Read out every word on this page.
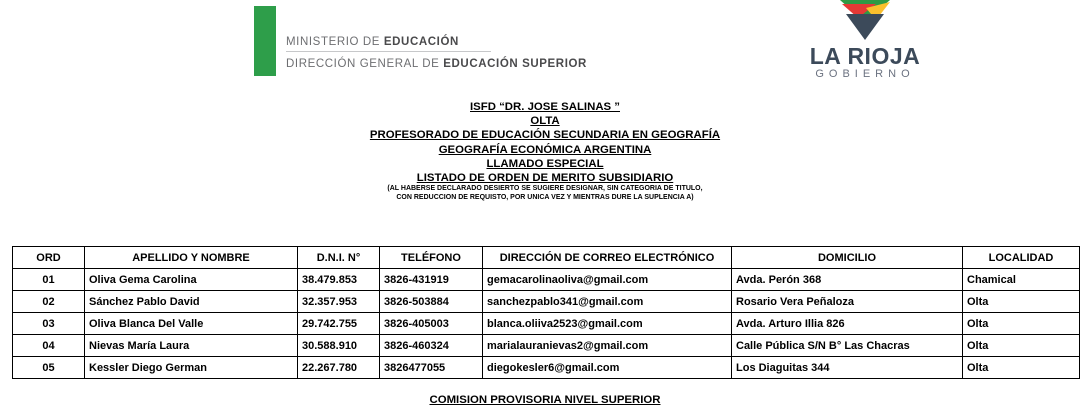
MINISTERIO DE EDUCACIÓN
DIRECCIÓN GENERAL DE EDUCACIÓN SUPERIOR	LA RIOJA
GOBIERNO
ISFD “DR. JOSE SALINAS ”
OLTA
PROFESORADO DE EDUCACIÓN SECUNDARIA EN GEOGRAFÍA
GEOGRAFÍA ECONÓMICA ARGENTINA
LLAMADO ESPECIAL
LISTADO DE ORDEN DE MERITO SUBSIDIARIO
(AL HABERSE DECLARADO DESIERTO SE SUGIERE DESIGNAR, SIN CATEGORIA DE TITULO,
CON REDUCCION DE REQUISTO, POR UNICA VEZ Y MIENTRAS DURE LA SUPLENCIA A)
ORD	APELLIDO Y NOMBRE	D.N.I. N°	TELÉFONO	DIRECCIÓN DE CORREO ELECTRÓNICO	DOMICILIO	LOCALIDAD
01	Oliva Gema Carolina	38.479.853	3826-431919	gemacarolinaoliva@gmail.com	Avda. Perón 368	Chamical
02	Sánchez Pablo David	32.357.953	3826-503884	sanchezpablo341@gmail.com	Rosario Vera Peñaloza	Olta
03	Oliva Blanca Del Valle	29.742.755	3826-405003	blanca.oliiva2523@gmail.com	Avda. Arturo Illia 826	Olta
04	Nievas María Laura	30.588.910	3826-460324	marialauranievas2@gmail.com	Calle Pública S/N B° Las Chacras	Olta
05	Kessler Diego German	22.267.780	3826477055	diegokesler6@gmail.com	Los Diaguitas 344	Olta
COMISION PROVISORIA NIVEL SUPERIOR
